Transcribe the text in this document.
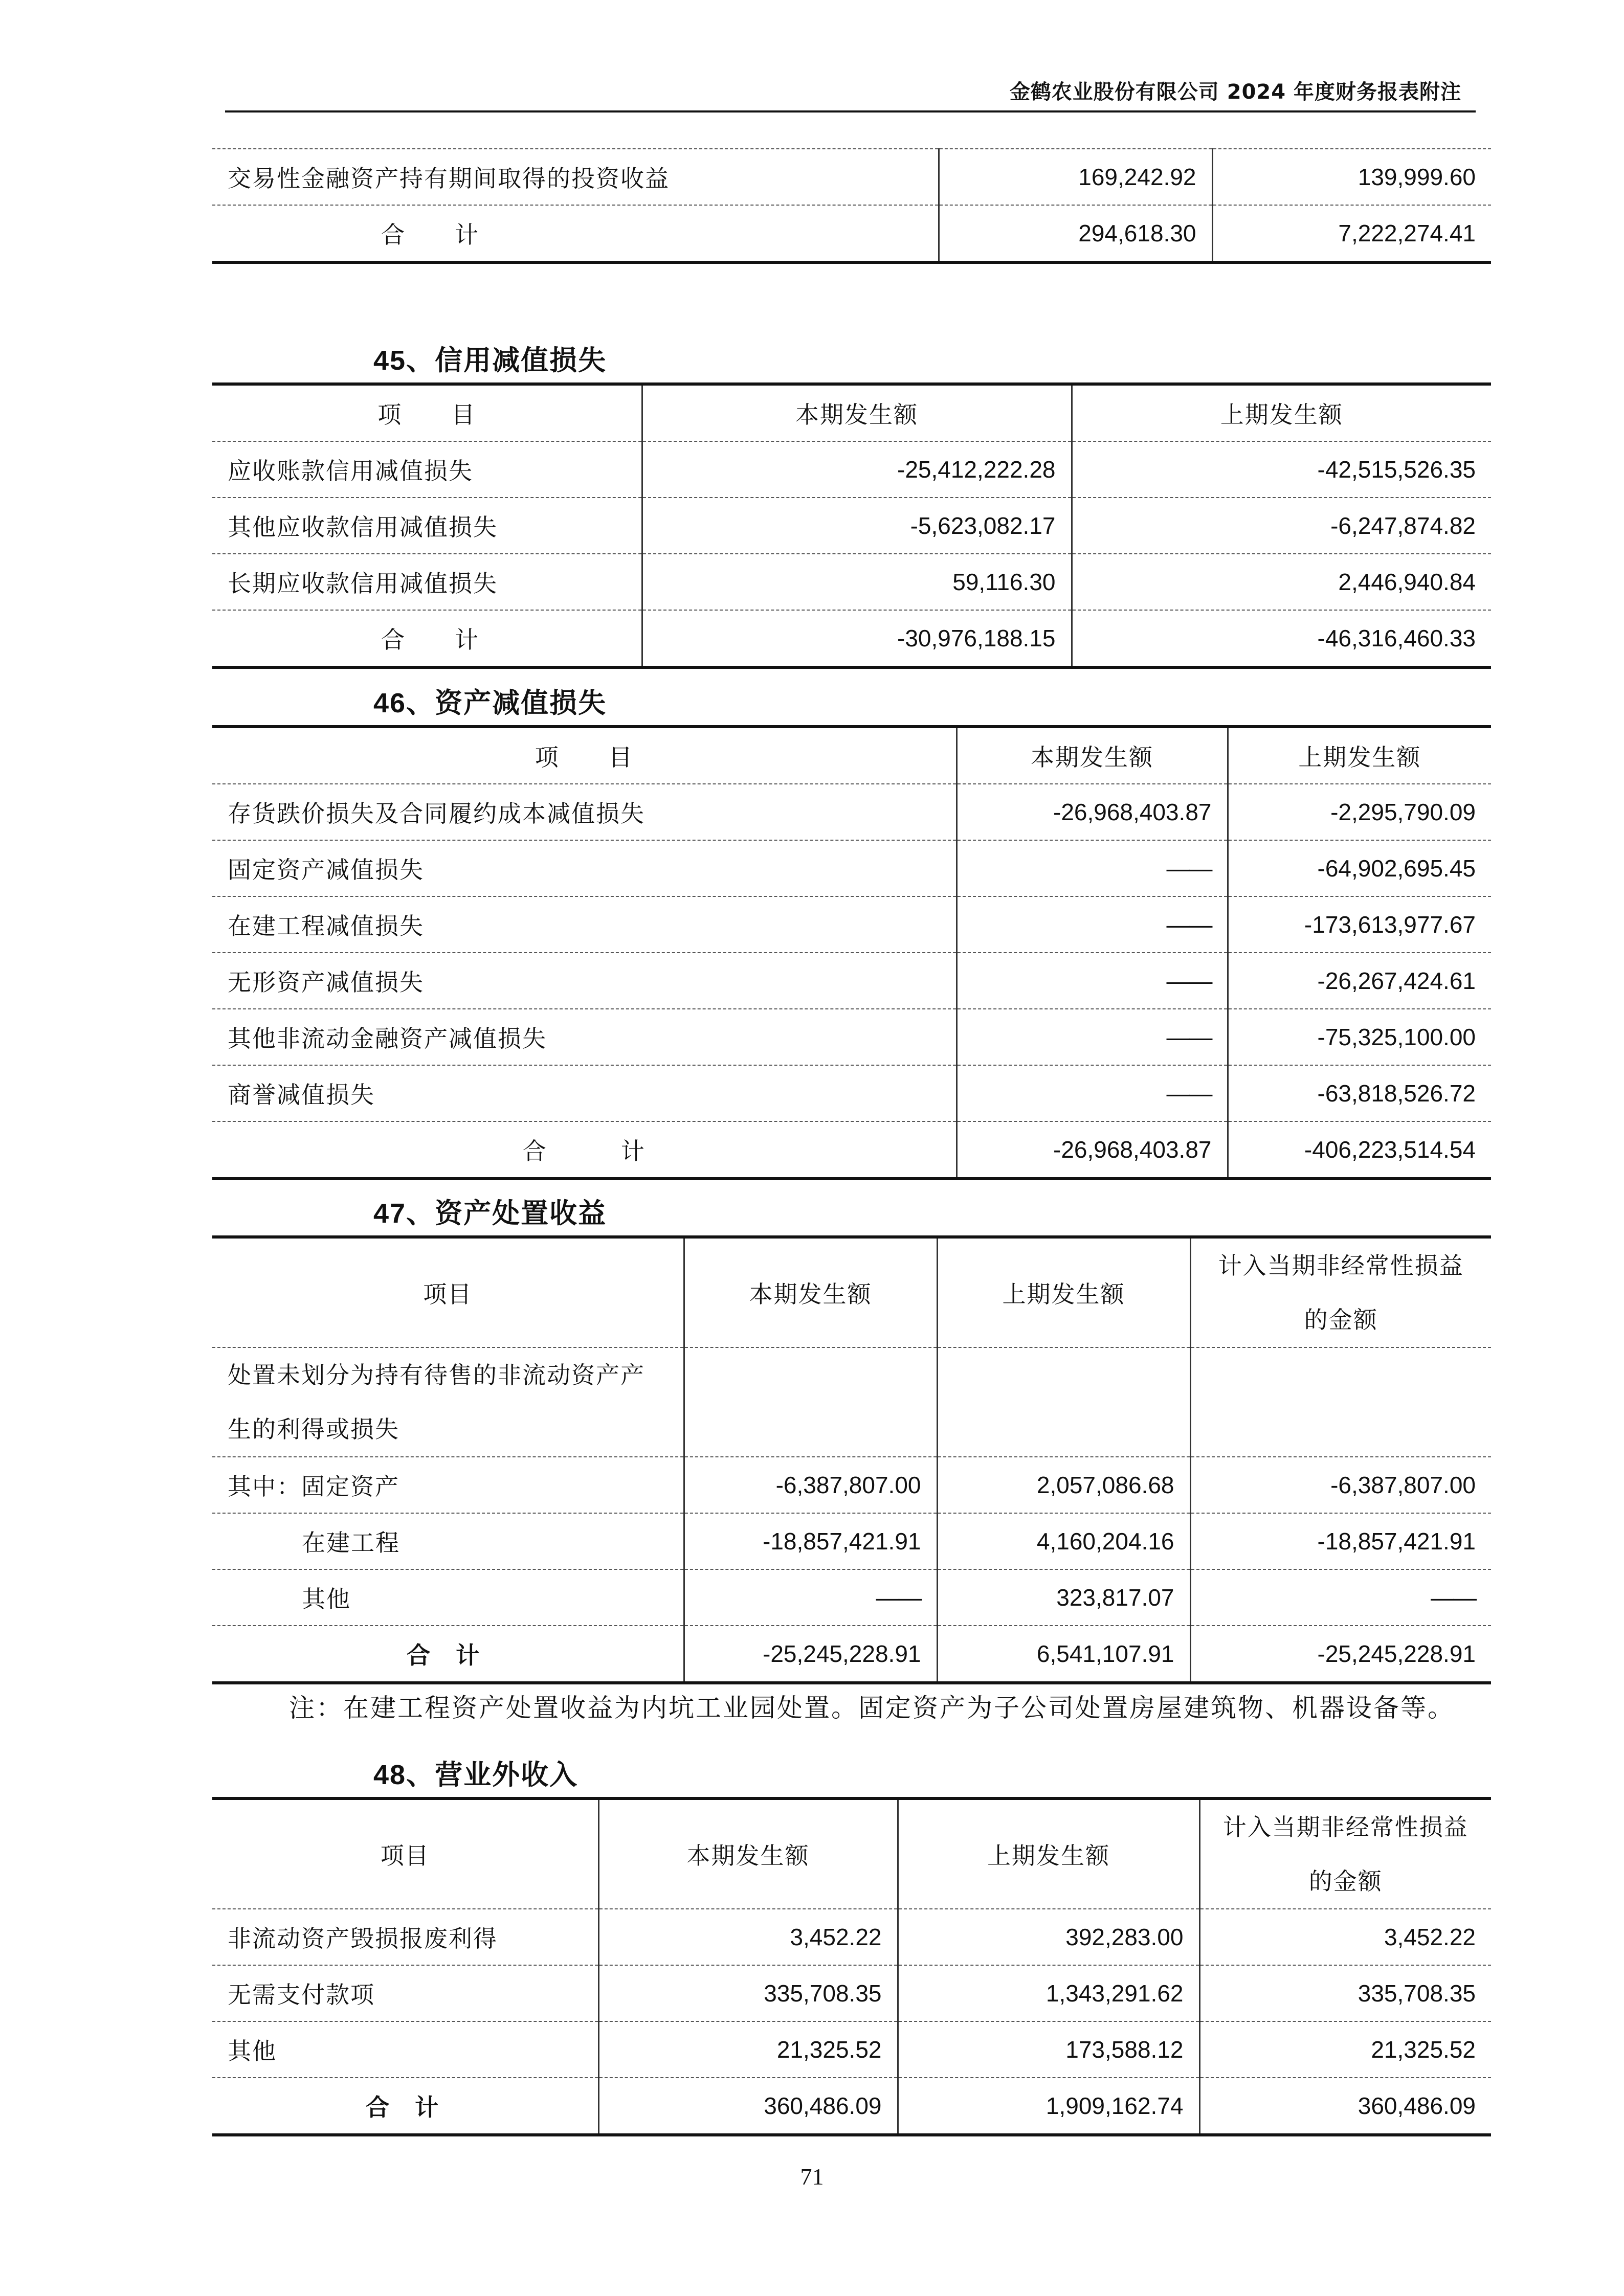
金鹤农业股份有限公司 2024 年度财务报表附注
交易性金融资产持有期间取得的投资收益	169,242.92	139,999.60
合　　计	294,618.30	7,222,274.41
45、信用减值损失
项　　目	本期发生额	上期发生额
应收账款信用减值损失	-25,412,222.28	-42,515,526.35
其他应收款信用减值损失	-5,623,082.17	-6,247,874.82
长期应收款信用减值损失	59,116.30	2,446,940.84
合　　计	-30,976,188.15	-46,316,460.33
46、资产减值损失
项　　目	本期发生额	上期发生额
存货跌价损失及合同履约成本减值损失	-26,968,403.87	-2,295,790.09
固定资产减值损失	——	-64,902,695.45
在建工程减值损失	——	-173,613,977.67
无形资产减值损失	——	-26,267,424.61
其他非流动金融资产减值损失	——	-75,325,100.00
商誉减值损失	——	-63,818,526.72
合　　　计	-26,968,403.87	-406,223,514.54
47、资产处置收益
项目	本期发生额	上期发生额	计入当期非经常性损益的金额
处置未划分为持有待售的非流动资产产生的利得或损失			
其中：固定资产	-6,387,807.00	2,057,086.68	-6,387,807.00
在建工程	-18,857,421.91	4,160,204.16	-18,857,421.91
其他	——	323,817.07	——
合　计	-25,245,228.91	6,541,107.91	-25,245,228.91
注：在建工程资产处置收益为内坑工业园处置。固定资产为子公司处置房屋建筑物、机器设备等。
48、营业外收入
项目	本期发生额	上期发生额	计入当期非经常性损益的金额
非流动资产毁损报废利得	3,452.22	392,283.00	3,452.22
无需支付款项	335,708.35	1,343,291.62	335,708.35
其他	21,325.52	173,588.12	21,325.52
合　计	360,486.09	1,909,162.74	360,486.09
71
